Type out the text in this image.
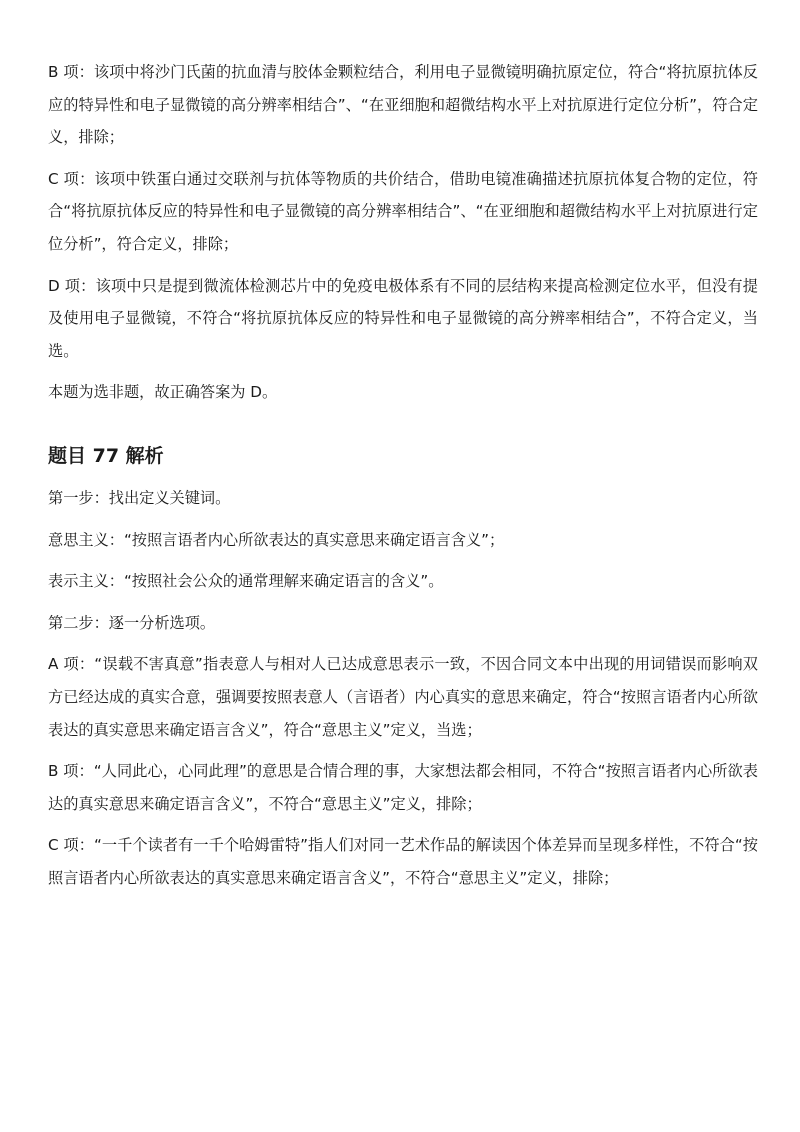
B 项：该项中将沙门氏菌的抗血清与胶体金颗粒结合，利用电子显微镜明确抗原定位，符合“将抗原抗体反应的特异性和电子显微镜的高分辨率相结合”、“在亚细胞和超微结构水平上对抗原进行定位分析”，符合定义，排除；

C 项：该项中铁蛋白通过交联剂与抗体等物质的共价结合，借助电镜准确描述抗原抗体复合物的定位，符合“将抗原抗体反应的特异性和电子显微镜的高分辨率相结合”、“在亚细胞和超微结构水平上对抗原进行定位分析”，符合定义，排除；

D 项：该项中只是提到微流体检测芯片中的免疫电极体系有不同的层结构来提高检测定位水平，但没有提及使用电子显微镜，不符合“将抗原抗体反应的特异性和电子显微镜的高分辨率相结合”，不符合定义，当选。

本题为选非题，故正确答案为 D。

题目 77 解析

第一步：找出定义关键词。

意思主义：“按照言语者内心所欲表达的真实意思来确定语言含义”；

表示主义：“按照社会公众的通常理解来确定语言的含义”。

第二步：逐一分析选项。

A 项：“误载不害真意”指表意人与相对人已达成意思表示一致，不因合同文本中出现的用词错误而影响双方已经达成的真实合意，强调要按照表意人（言语者）内心真实的意思来确定，符合“按照言语者内心所欲表达的真实意思来确定语言含义”，符合“意思主义”定义，当选；

B 项：“人同此心，心同此理”的意思是合情合理的事，大家想法都会相同，不符合“按照言语者内心所欲表达的真实意思来确定语言含义”，不符合“意思主义”定义，排除；

C 项：“一千个读者有一千个哈姆雷特”指人们对同一艺术作品的解读因个体差异而呈现多样性，不符合“按照言语者内心所欲表达的真实意思来确定语言含义”，不符合“意思主义”定义，排除；
